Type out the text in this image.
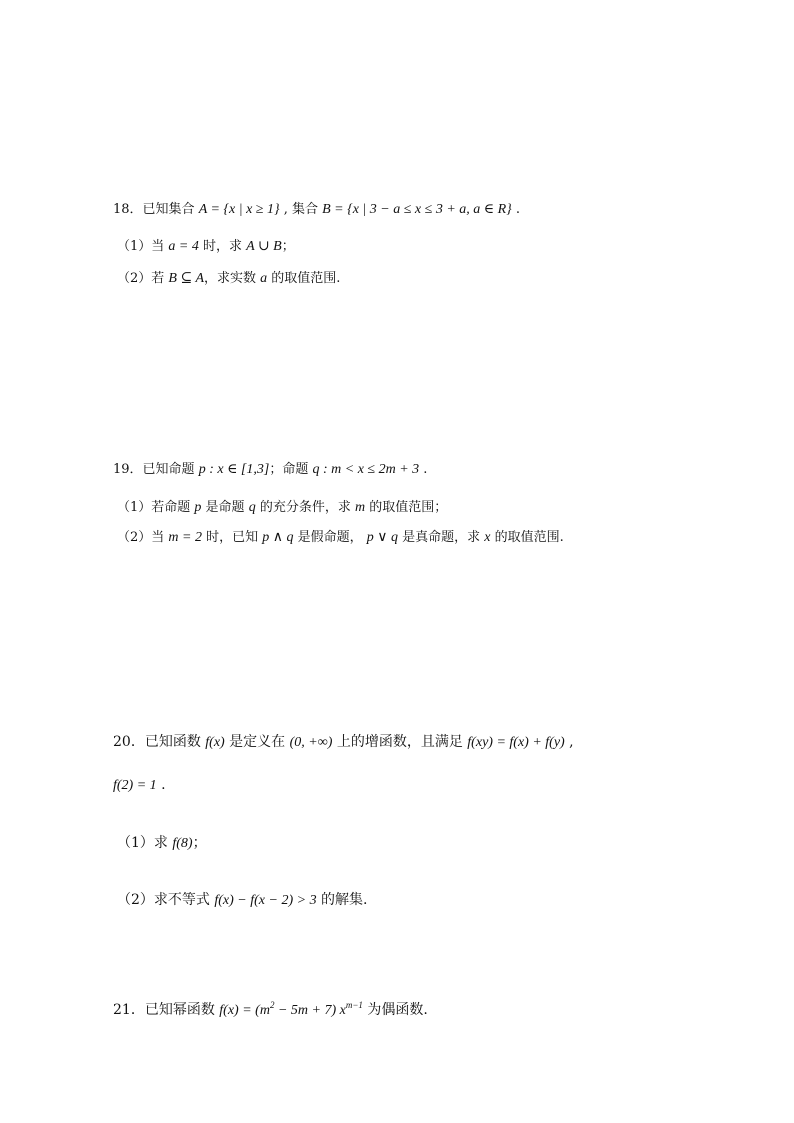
18．已知集合 A = {x | x ≥ 1} , 集合 B = {x | 3 − a ≤ x ≤ 3 + a, a ∈ R} .
（1）当 a = 4 时，求 A ∪ B；
（2）若 B ⊆ A，求实数 a 的取值范围.
19．已知命题 p : x ∈ [1,3]；命题 q : m < x ≤ 2m + 3 .
（1）若命题 p 是命题 q 的充分条件，求 m 的取值范围；
（2）当 m = 2 时，已知 p ∧ q 是假命题， p ∨ q 是真命题，求 x 的取值范围.
20．已知函数 f(x) 是定义在 (0, +∞) 上的增函数，且满足 f(xy) = f(x) + f(y) ,
f(2) = 1 .
（1）求 f(8)；
（2）求不等式 f(x) − f(x − 2) > 3 的解集.
21．已知幂函数 $f(x) = (m^2 - 5m + 7)$ $x^{m-1}$ 为偶函数.
